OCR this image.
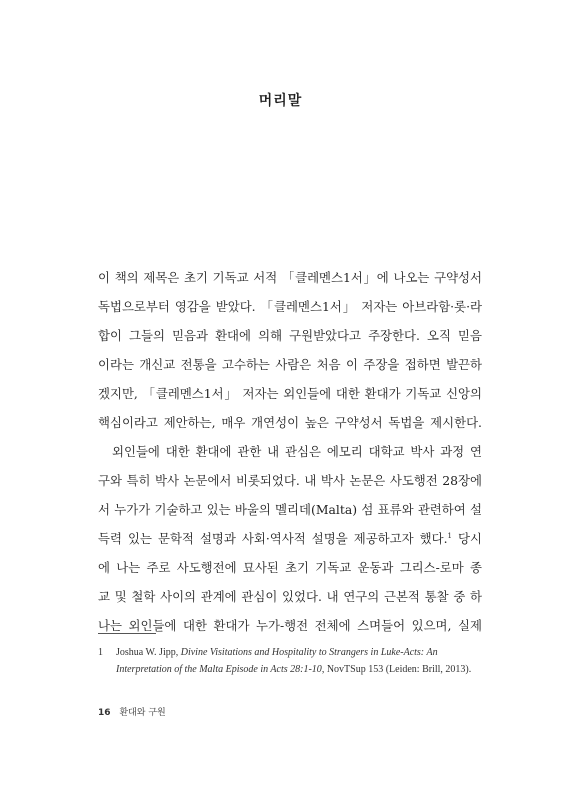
머리말
이 책의 제목은 초기 기독교 서적 「클레멘스1서」에 나오는 구약성서
독법으로부터 영감을 받았다. 「클레멘스1서」 저자는 아브라함·롯·라
합이 그들의 믿음과 환대에 의해 구원받았다고 주장한다. 오직 믿음
이라는 개신교 전통을 고수하는 사람은 처음 이 주장을 접하면 발끈하
겠지만, 「클레멘스1서」 저자는 외인들에 대한 환대가 기독교 신앙의
핵심이라고 제안하는, 매우 개연성이 높은 구약성서 독법을 제시한다.
외인들에 대한 환대에 관한 내 관심은 에모리 대학교 박사 과정 연
구와 특히 박사 논문에서 비롯되었다. 내 박사 논문은 사도행전 28장에
서 누가가 기술하고 있는 바울의 멜리데(Malta) 섬 표류와 관련하여 설
득력 있는 문학적 설명과 사회·역사적 설명을 제공하고자 했다.$^1$ 당시
에 나는 주로 사도행전에 묘사된 초기 기독교 운동과 그리스-로마 종
교 및 철학 사이의 관계에 관심이 있었다. 내 연구의 근본적 통찰 중 하
나는 외인들에 대한 환대가 누가-행전 전체에 스며들어 있으며, 실제
1 Joshua W. Jipp, Divine Visitations and Hospitality to Strangers in Luke-Acts: An
Interpretation of the Malta Episode in Acts 28:1-10, NovTSup 153 (Leiden: Brill, 2013).
16 환대와 구원
